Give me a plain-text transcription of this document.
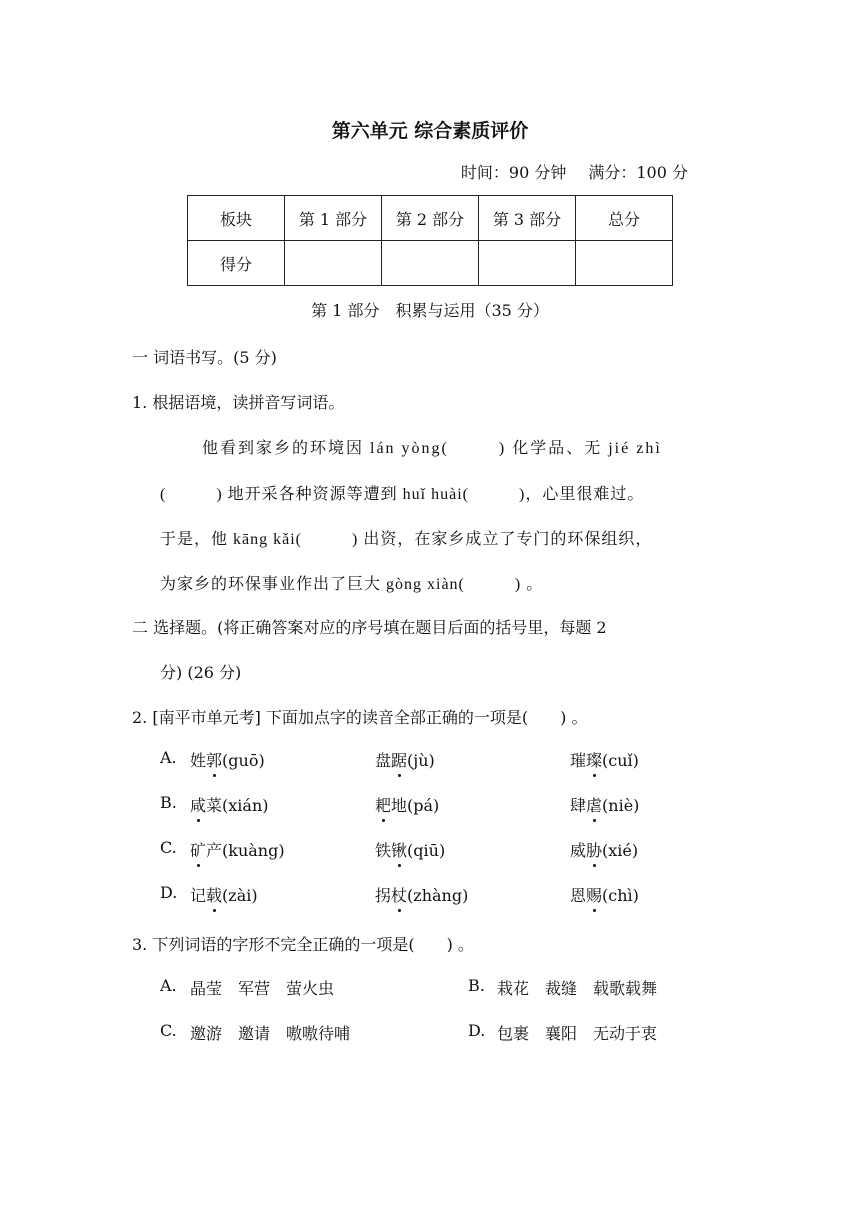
第六单元 综合素质评价
时间：90 分钟 满分：100 分
板块	第 1 部分	第 2 部分	第 3 部分	总分
得分				
第 1 部分　积累与运用（35 分）
一 词语书写。(5 分)
1. 根据语境，读拼音写词语。
他看到家乡的环境因 lán yòng(	) 化学品、无 jié zhì
(	) 地开采各种资源等遭到 huǐ huài(	)，心里很难过。
于是，他 kāng kǎi(	) 出资，在家乡成立了专门的环保组织，
为家乡的环保事业作出了巨大 gòng xiàn(	) 。
二 选择题。(将正确答案对应的序号填在题目后面的括号里，每题 2
分) (26 分)
2. [南平市单元考] 下面加点字的读音全部正确的一项是(　　) 。
A. 姓郭(guō)	盘踞(jù)	璀璨(cuǐ)
B. 咸菜(xián)	耙地(pá)	肆虐(niè)
C. 矿产(kuàng)	铁锹(qiū)	威胁(xié)
D. 记载(zài)	拐杖(zhàng)	恩赐(chì)
3. 下列词语的字形不完全正确的一项是(　　) 。
A. 晶莹　军营　萤火虫	B. 栽花　裁缝　载歌载舞
C. 邀游　邀请　嗷嗷待哺	D. 包裹　襄阳　无动于衷
